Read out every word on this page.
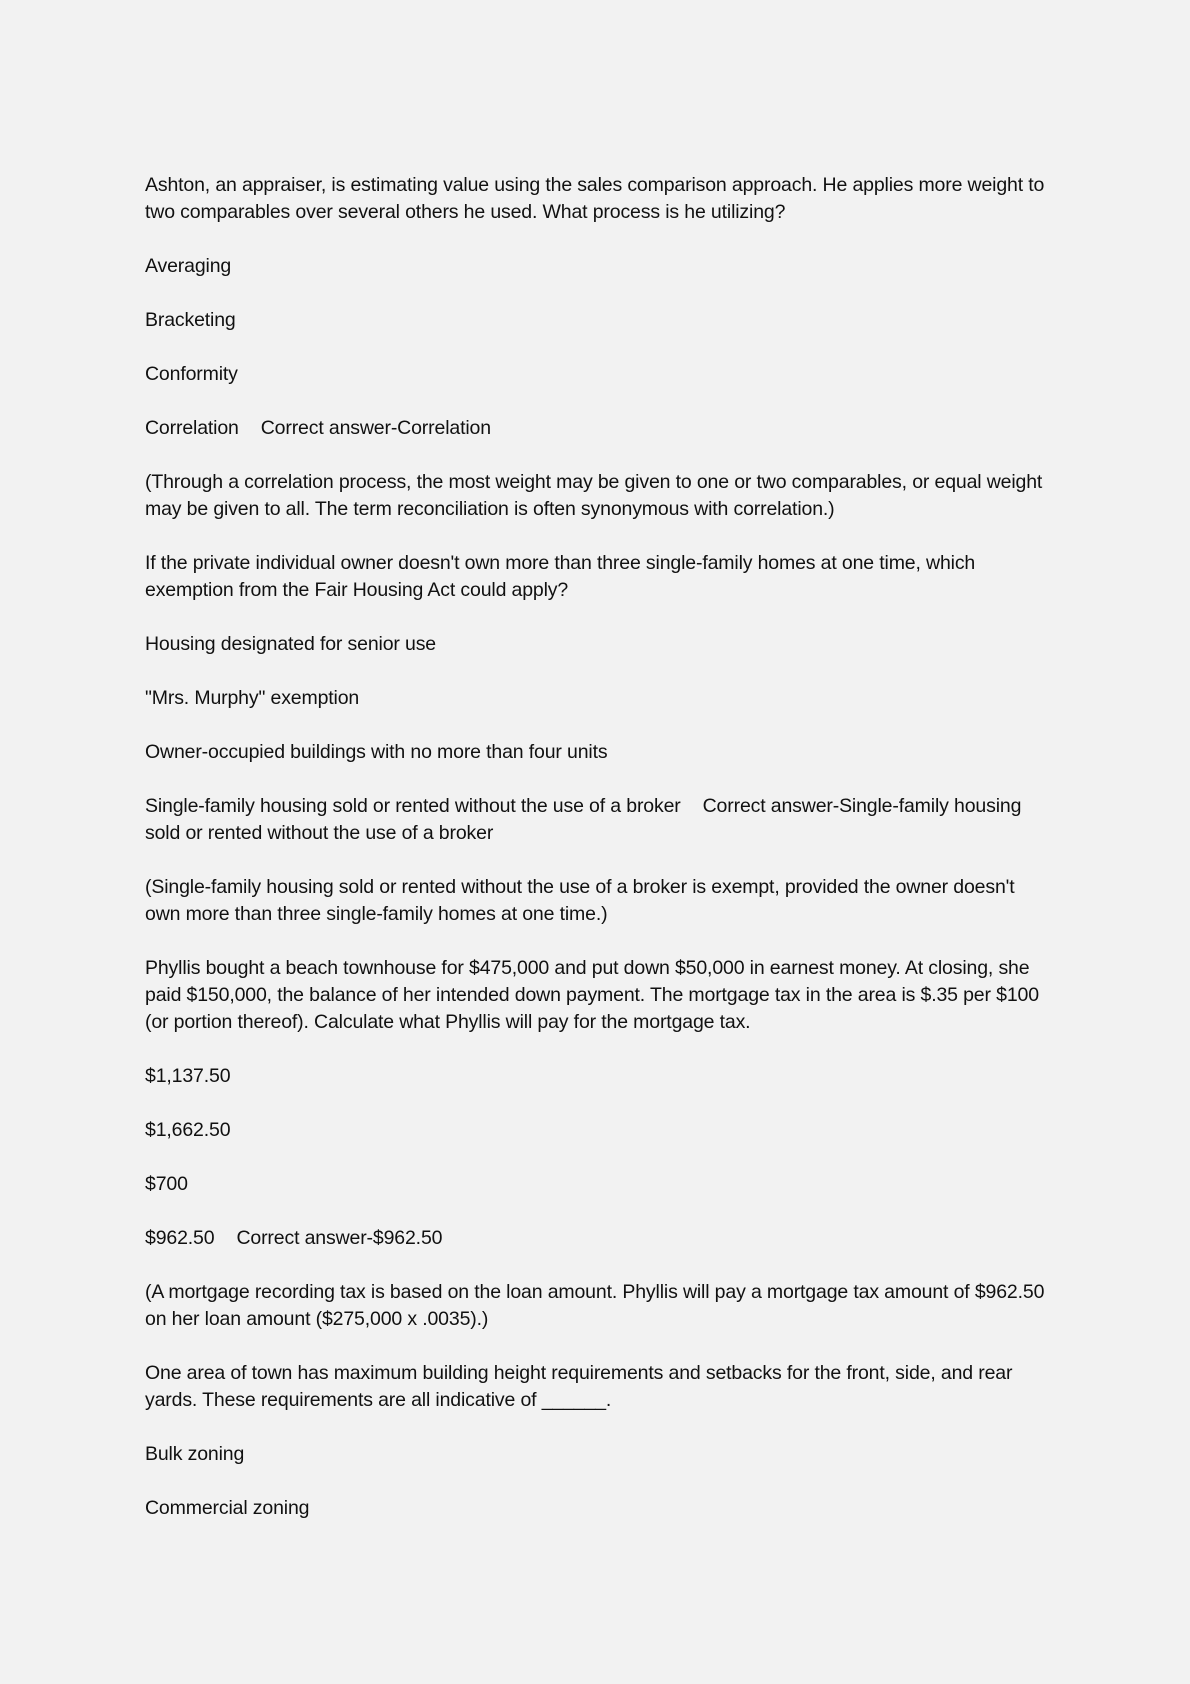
Ashton, an appraiser, is estimating value using the sales comparison approach. He applies more weight to two comparables over several others he used. What process is he utilizing?

Averaging

Bracketing

Conformity

Correlation Correct answer-Correlation

(Through a correlation process, the most weight may be given to one or two comparables, or equal weight may be given to all. The term reconciliation is often synonymous with correlation.)

If the private individual owner doesn't own more than three single-family homes at one time, which exemption from the Fair Housing Act could apply?

Housing designated for senior use

"Mrs. Murphy" exemption

Owner-occupied buildings with no more than four units

Single-family housing sold or rented without the use of a broker Correct answer-Single-family housing sold or rented without the use of a broker

(Single-family housing sold or rented without the use of a broker is exempt, provided the owner doesn't own more than three single-family homes at one time.)

Phyllis bought a beach townhouse for $475,000 and put down $50,000 in earnest money. At closing, she paid $150,000, the balance of her intended down payment. The mortgage tax in the area is $.35 per $100 (or portion thereof). Calculate what Phyllis will pay for the mortgage tax.

$1,137.50

$1,662.50

$700

$962.50 Correct answer-$962.50

(A mortgage recording tax is based on the loan amount. Phyllis will pay a mortgage tax amount of $962.50 on her loan amount ($275,000 x .0035).)

One area of town has maximum building height requirements and setbacks for the front, side, and rear yards. These requirements are all indicative of ______.

Bulk zoning

Commercial zoning
